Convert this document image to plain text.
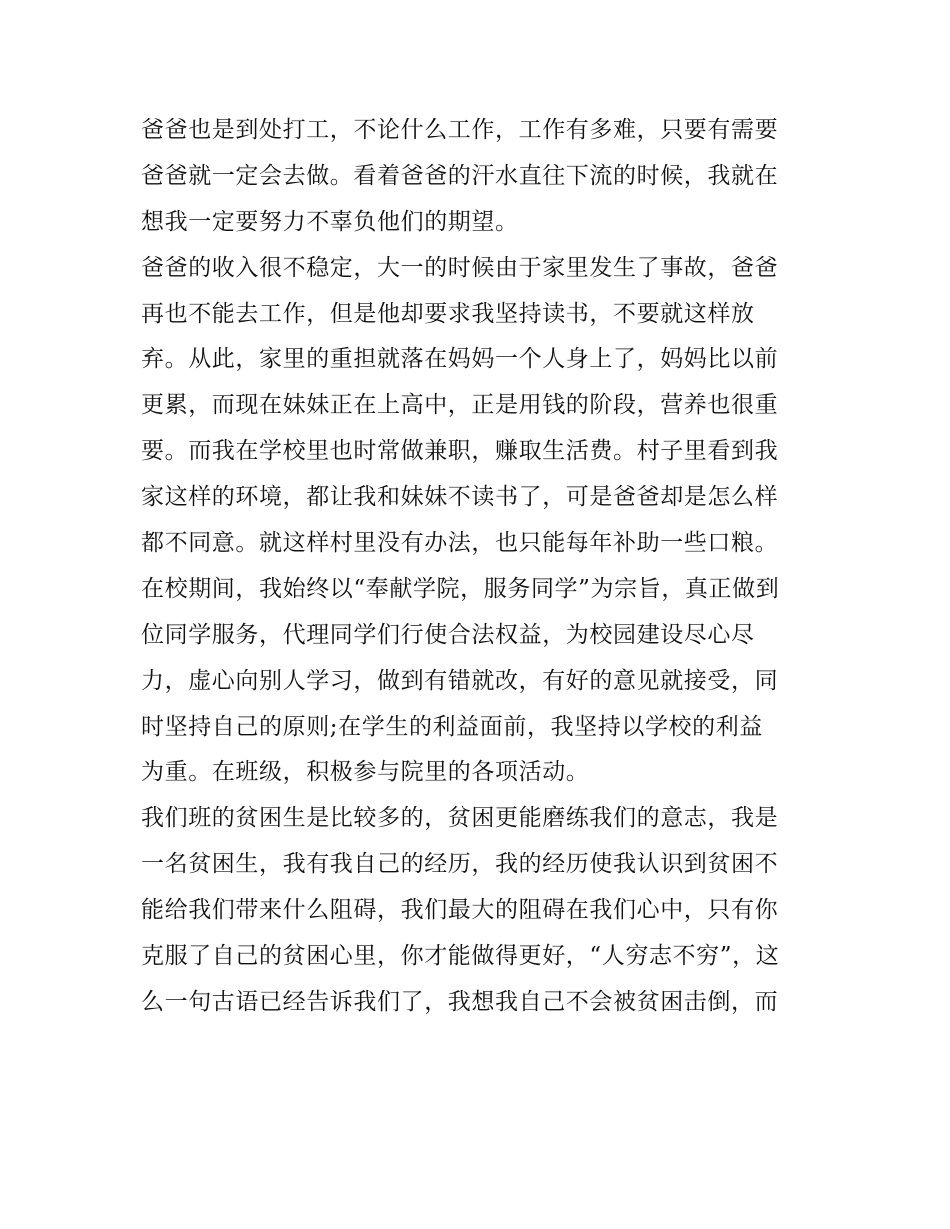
爸爸也是到处打工，不论什么工作，工作有多难，只要有需要
爸爸就一定会去做。看着爸爸的汗水直往下流的时候，我就在
想我一定要努力不辜负他们的期望。
爸爸的收入很不稳定，大一的时候由于家里发生了事故，爸爸
再也不能去工作，但是他却要求我坚持读书，不要就这样放
弃。从此，家里的重担就落在妈妈一个人身上了，妈妈比以前
更累，而现在妹妹正在上高中，正是用钱的阶段，营养也很重
要。而我在学校里也时常做兼职，赚取生活费。村子里看到我
家这样的环境，都让我和妹妹不读书了，可是爸爸却是怎么样
都不同意。就这样村里没有办法，也只能每年补助一些口粮。
在校期间，我始终以“奉献学院，服务同学”为宗旨，真正做到
位同学服务，代理同学们行使合法权益，为校园建设尽心尽
力，虚心向别人学习，做到有错就改，有好的意见就接受，同
时坚持自己的原则;在学生的利益面前，我坚持以学校的利益
为重。在班级，积极参与院里的各项活动。
我们班的贫困生是比较多的，贫困更能磨练我们的意志，我是
一名贫困生，我有我自己的经历，我的经历使我认识到贫困不
能给我们带来什么阻碍，我们最大的阻碍在我们心中，只有你
克服了自己的贫困心里，你才能做得更好，“人穷志不穷”，这
么一句古语已经告诉我们了，我想我自己不会被贫困击倒，而
